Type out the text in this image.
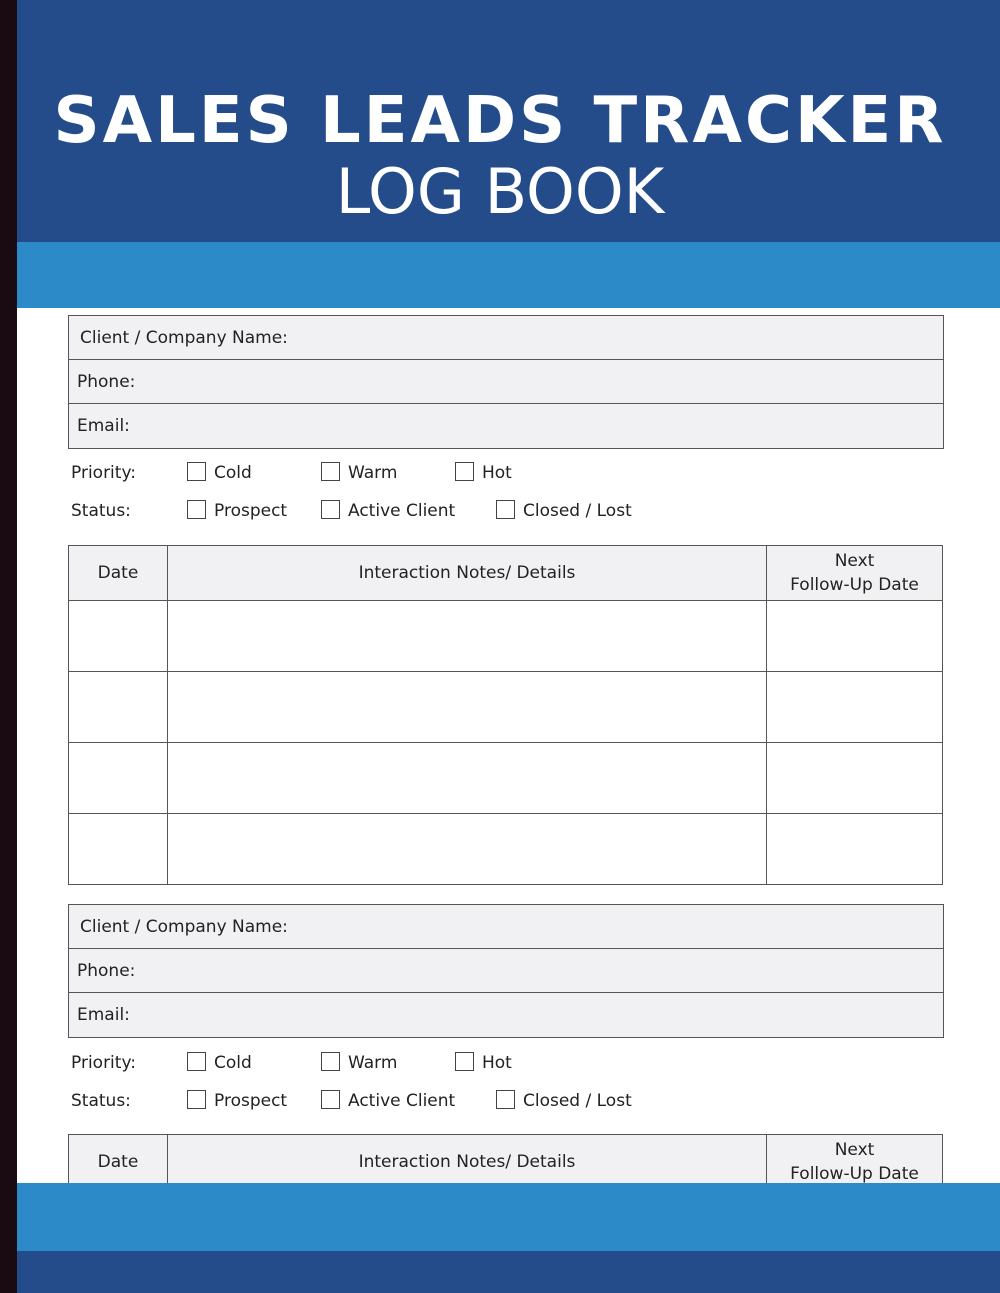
SALES LEADS TRACKER
LOG BOOK
Client / Company Name:
Phone:
Email:
Priority:	Cold	Warm	Hot
Status:	Prospect	Active Client	Closed / Lost
Date	Interaction Notes/ Details	Next
Follow-Up Date

Client / Company Name:
Phone:
Email:
Priority:	Cold	Warm	Hot
Status:	Prospect	Active Client	Closed / Lost
Date	Interaction Notes/ Details	Next
Follow-Up Date
